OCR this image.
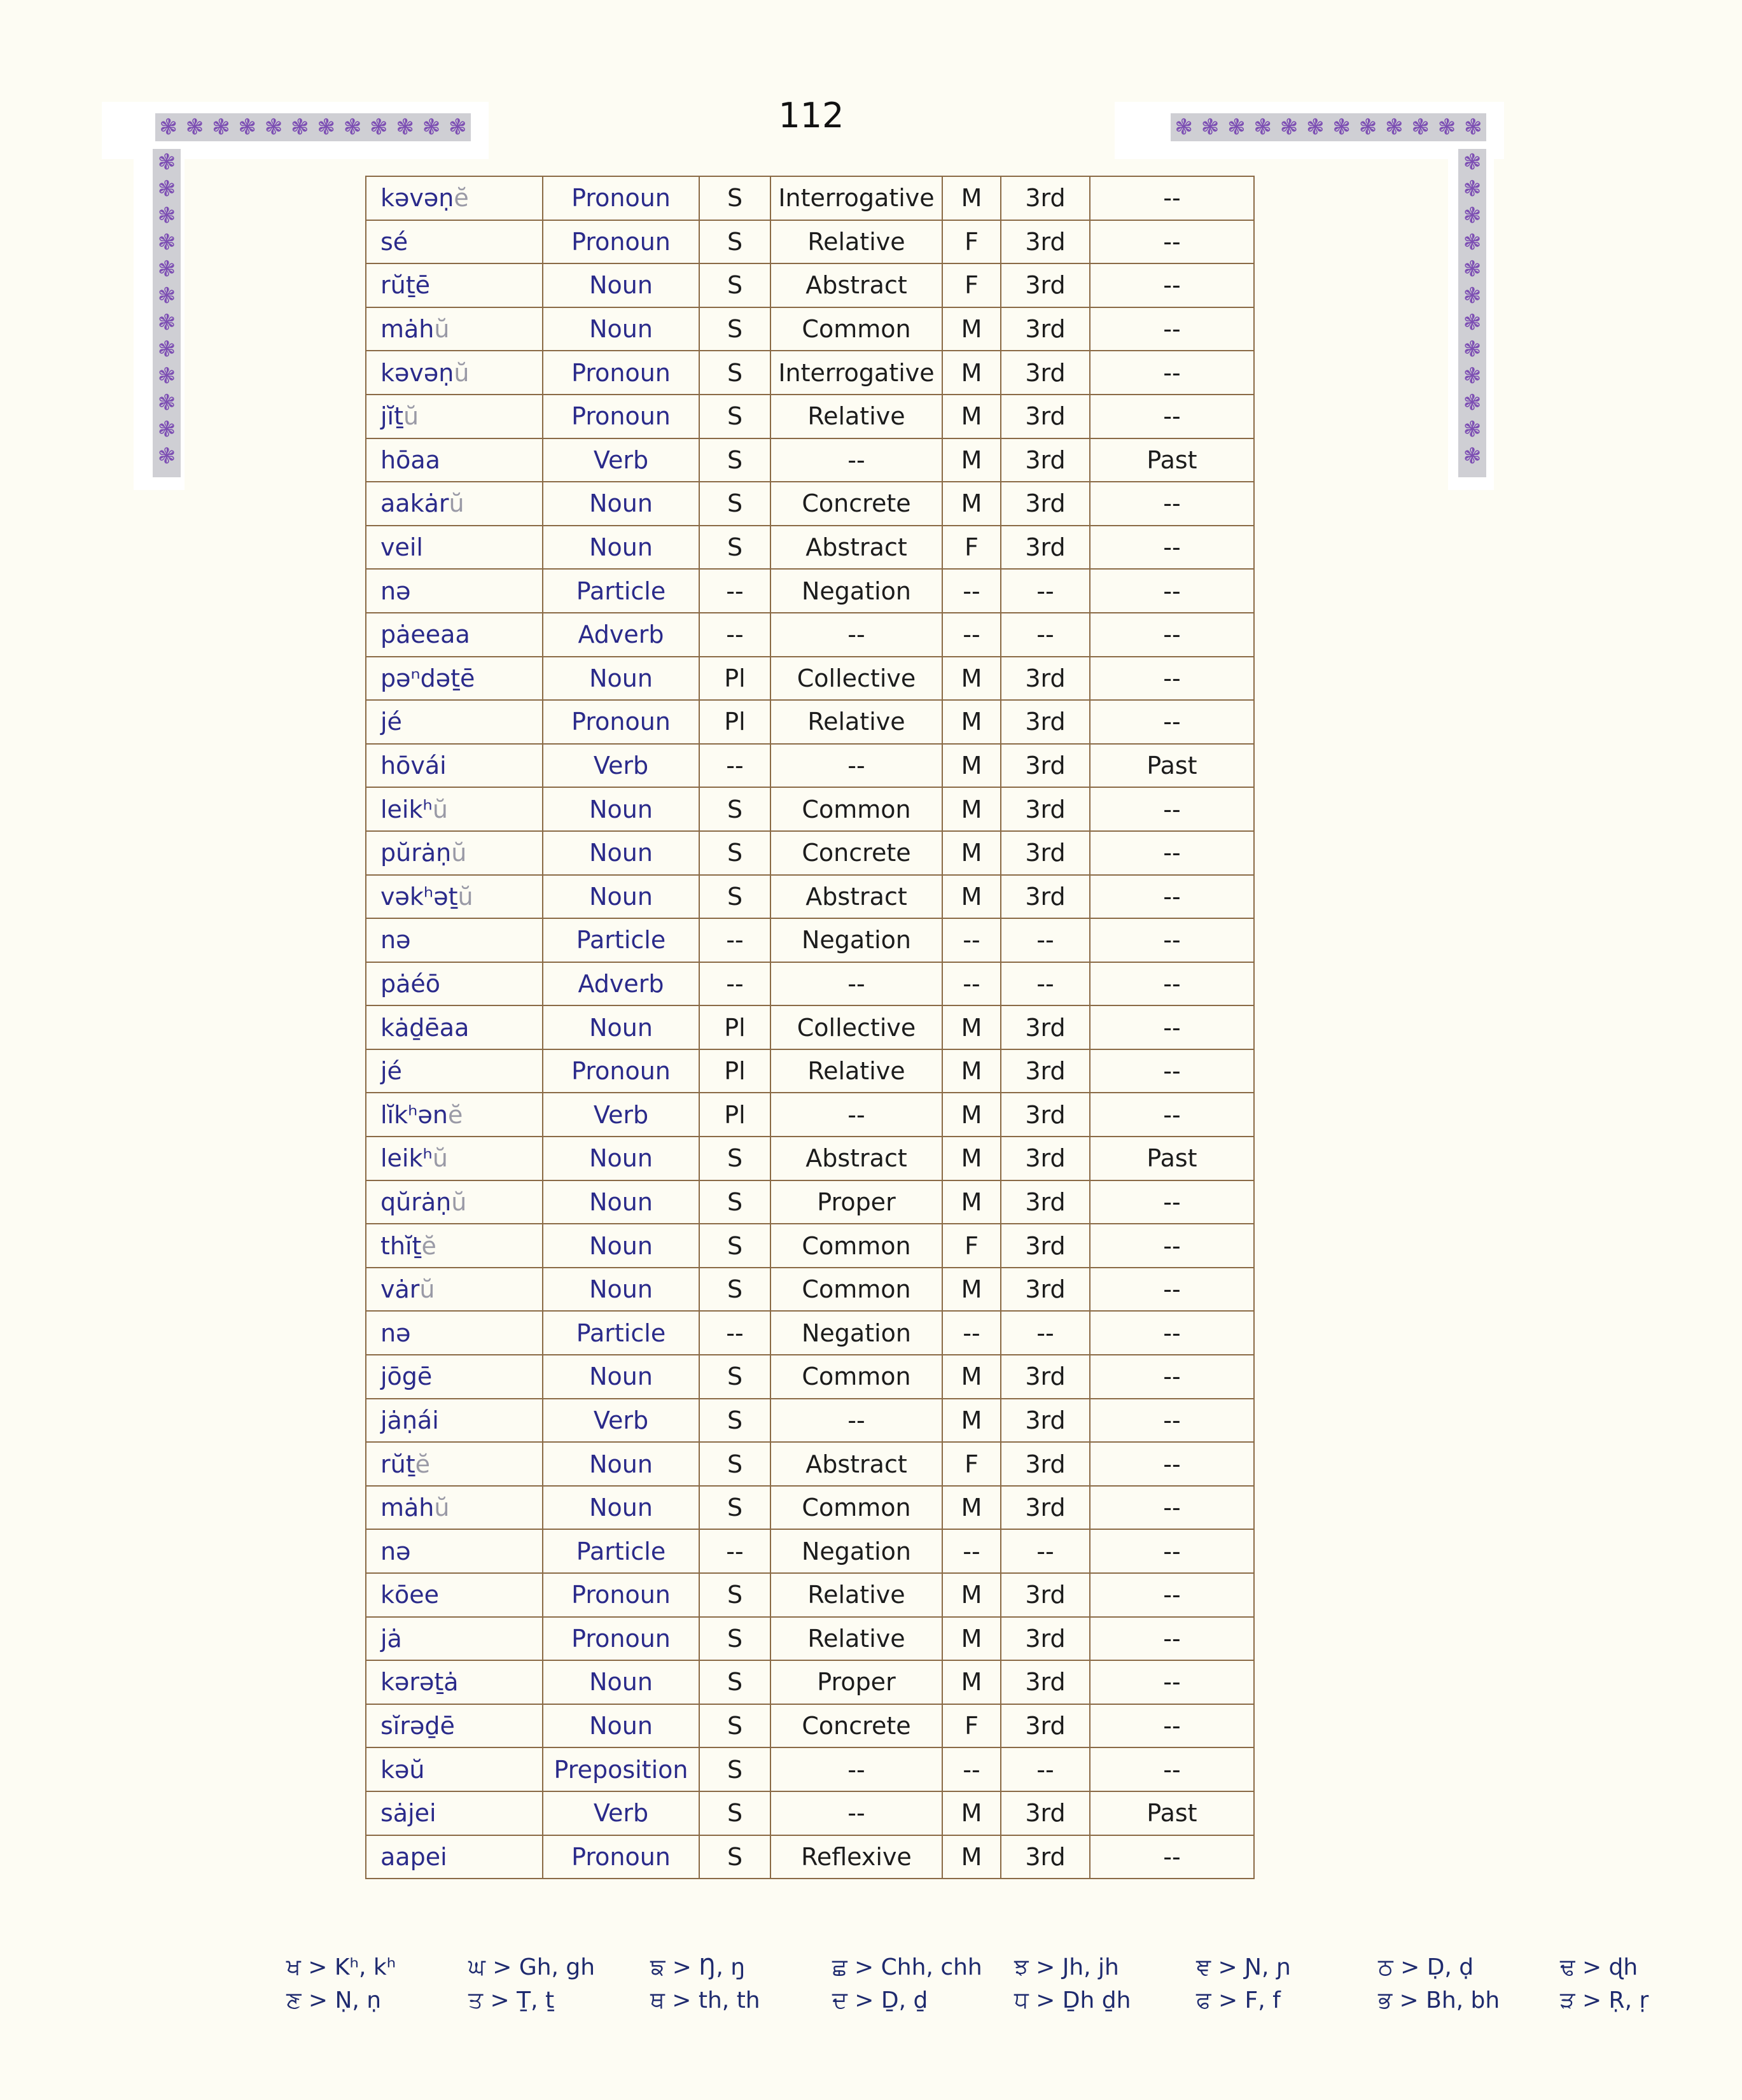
112
❃ ❃ ❃ ❃ ❃ ❃ ❃ ❃ ❃ ❃ ❃ ❃
❃
❃
❃
❃
❃
❃
❃
❃
❃
❃
❃
❃
❃ ❃ ❃ ❃ ❃ ❃ ❃ ❃ ❃ ❃ ❃ ❃
❃
❃
❃
❃
❃
❃
❃
❃
❃
❃
❃
❃
kəvəṇĕ	Pronoun	S	Interrogative	M	3rd	--
sé	Pronoun	S	Relative	F	3rd	--
rŭṯē	Noun	S	Abstract	F	3rd	--
mȧhŭ	Noun	S	Common	M	3rd	--
kəvəṇŭ	Pronoun	S	Interrogative	M	3rd	--
jĭṯŭ	Pronoun	S	Relative	M	3rd	--
hōaa	Verb	S	--	M	3rd	Past
aakȧrŭ	Noun	S	Concrete	M	3rd	--
veil	Noun	S	Abstract	F	3rd	--
nə	Particle	--	Negation	--	--	--
pȧeeaa	Adverb	--	--	--	--	--
pəⁿdəṯē	Noun	Pl	Collective	M	3rd	--
jé	Pronoun	Pl	Relative	M	3rd	--
hōvái	Verb	--	--	M	3rd	Past
leikʰŭ	Noun	S	Common	M	3rd	--
pŭrȧṇŭ	Noun	S	Concrete	M	3rd	--
vəkʰəṯŭ	Noun	S	Abstract	M	3rd	--
nə	Particle	--	Negation	--	--	--
pȧéō	Adverb	--	--	--	--	--
kȧḏēaa	Noun	Pl	Collective	M	3rd	--
jé	Pronoun	Pl	Relative	M	3rd	--
lĭkʰənĕ	Verb	Pl	--	M	3rd	--
leikʰŭ	Noun	S	Abstract	M	3rd	Past
qŭrȧṇŭ	Noun	S	Proper	M	3rd	--
thĭṯĕ	Noun	S	Common	F	3rd	--
vȧrŭ	Noun	S	Common	M	3rd	--
nə	Particle	--	Negation	--	--	--
jōgē	Noun	S	Common	M	3rd	--
jȧṇái	Verb	S	--	M	3rd	--
rŭṯĕ	Noun	S	Abstract	F	3rd	--
mȧhŭ	Noun	S	Common	M	3rd	--
nə	Particle	--	Negation	--	--	--
kōee	Pronoun	S	Relative	M	3rd	--
jȧ	Pronoun	S	Relative	M	3rd	--
kərəṯȧ	Noun	S	Proper	M	3rd	--
sĭrəḏē	Noun	S	Concrete	F	3rd	--
kəŭ	Preposition	S	--	--	--	--
sȧjei	Verb	S	--	M	3rd	Past
aapei	Pronoun	S	Reflexive	M	3rd	--
ਖ > Kʰ, kʰ	ਘ > Gh, gh	ਙ > Ŋ, ŋ	ਛ > Chh, chh	ਝ > Jh, jh	ਞ > Ɲ, ɲ	ਠ > Ḍ, ḍ	ਢ > ɖh
ਣ > Ṇ, ṇ	ਤ > Ṯ, ṯ	ਥ > th, th	ਦ > Ḏ, ḏ	ਧ > Ḏh ḏh	ਫ > F, f	ਭ > Bh, bh	ੜ > Ṛ, ṛ
